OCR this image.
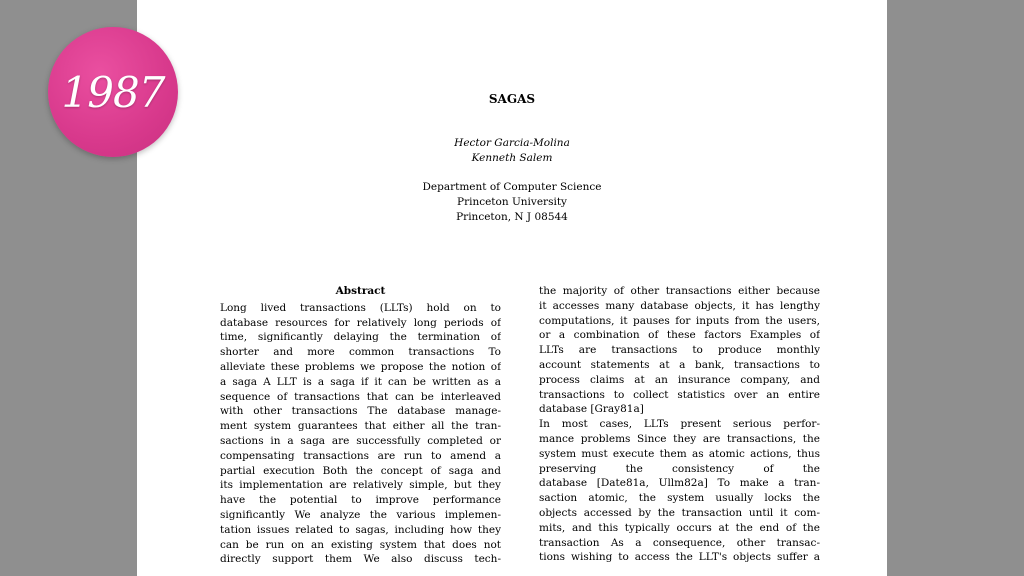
1987	SAGAS
Hector Garcia-Molina
Kenneth Salem
Department of Computer Science
Princeton University
Princeton, N J 08544
Abstract
Long lived transactions (LLTs) hold on to
database resources for relatively long periods of
time, significantly delaying the termination of
shorter and more common transactions To
alleviate these problems we propose the notion of
a saga A LLT is a saga if it can be written as a
sequence of transactions that can be interleaved
with other transactions The database manage-
ment system guarantees that either all the tran-
sactions in a saga are successfully completed or
compensating transactions are run to amend a
partial execution Both the concept of saga and
its implementation are relatively simple, but they
have the potential to improve performance
significantly We analyze the various implemen-
tation issues related to sagas, including how they
can be run on an existing system that does not
directly support them We also discuss tech-
the majority of other transactions either because
it accesses many database objects, it has lengthy
computations, it pauses for inputs from the users,
or a combination of these factors Examples of
LLTs are transactions to produce monthly
account statements at a bank, transactions to
process claims at an insurance company, and
transactions to collect statistics over an entire
database [Gray81a]
In most cases, LLTs present serious perfor-
mance problems Since they are transactions, the
system must execute them as atomic actions, thus
preserving the consistency of the
database [Date81a, Ullm82a] To make a tran-
saction atomic, the system usually locks the
objects accessed by the transaction until it com-
mits, and this typically occurs at the end of the
transaction As a consequence, other transac-
tions wishing to access the LLT's objects suffer a
